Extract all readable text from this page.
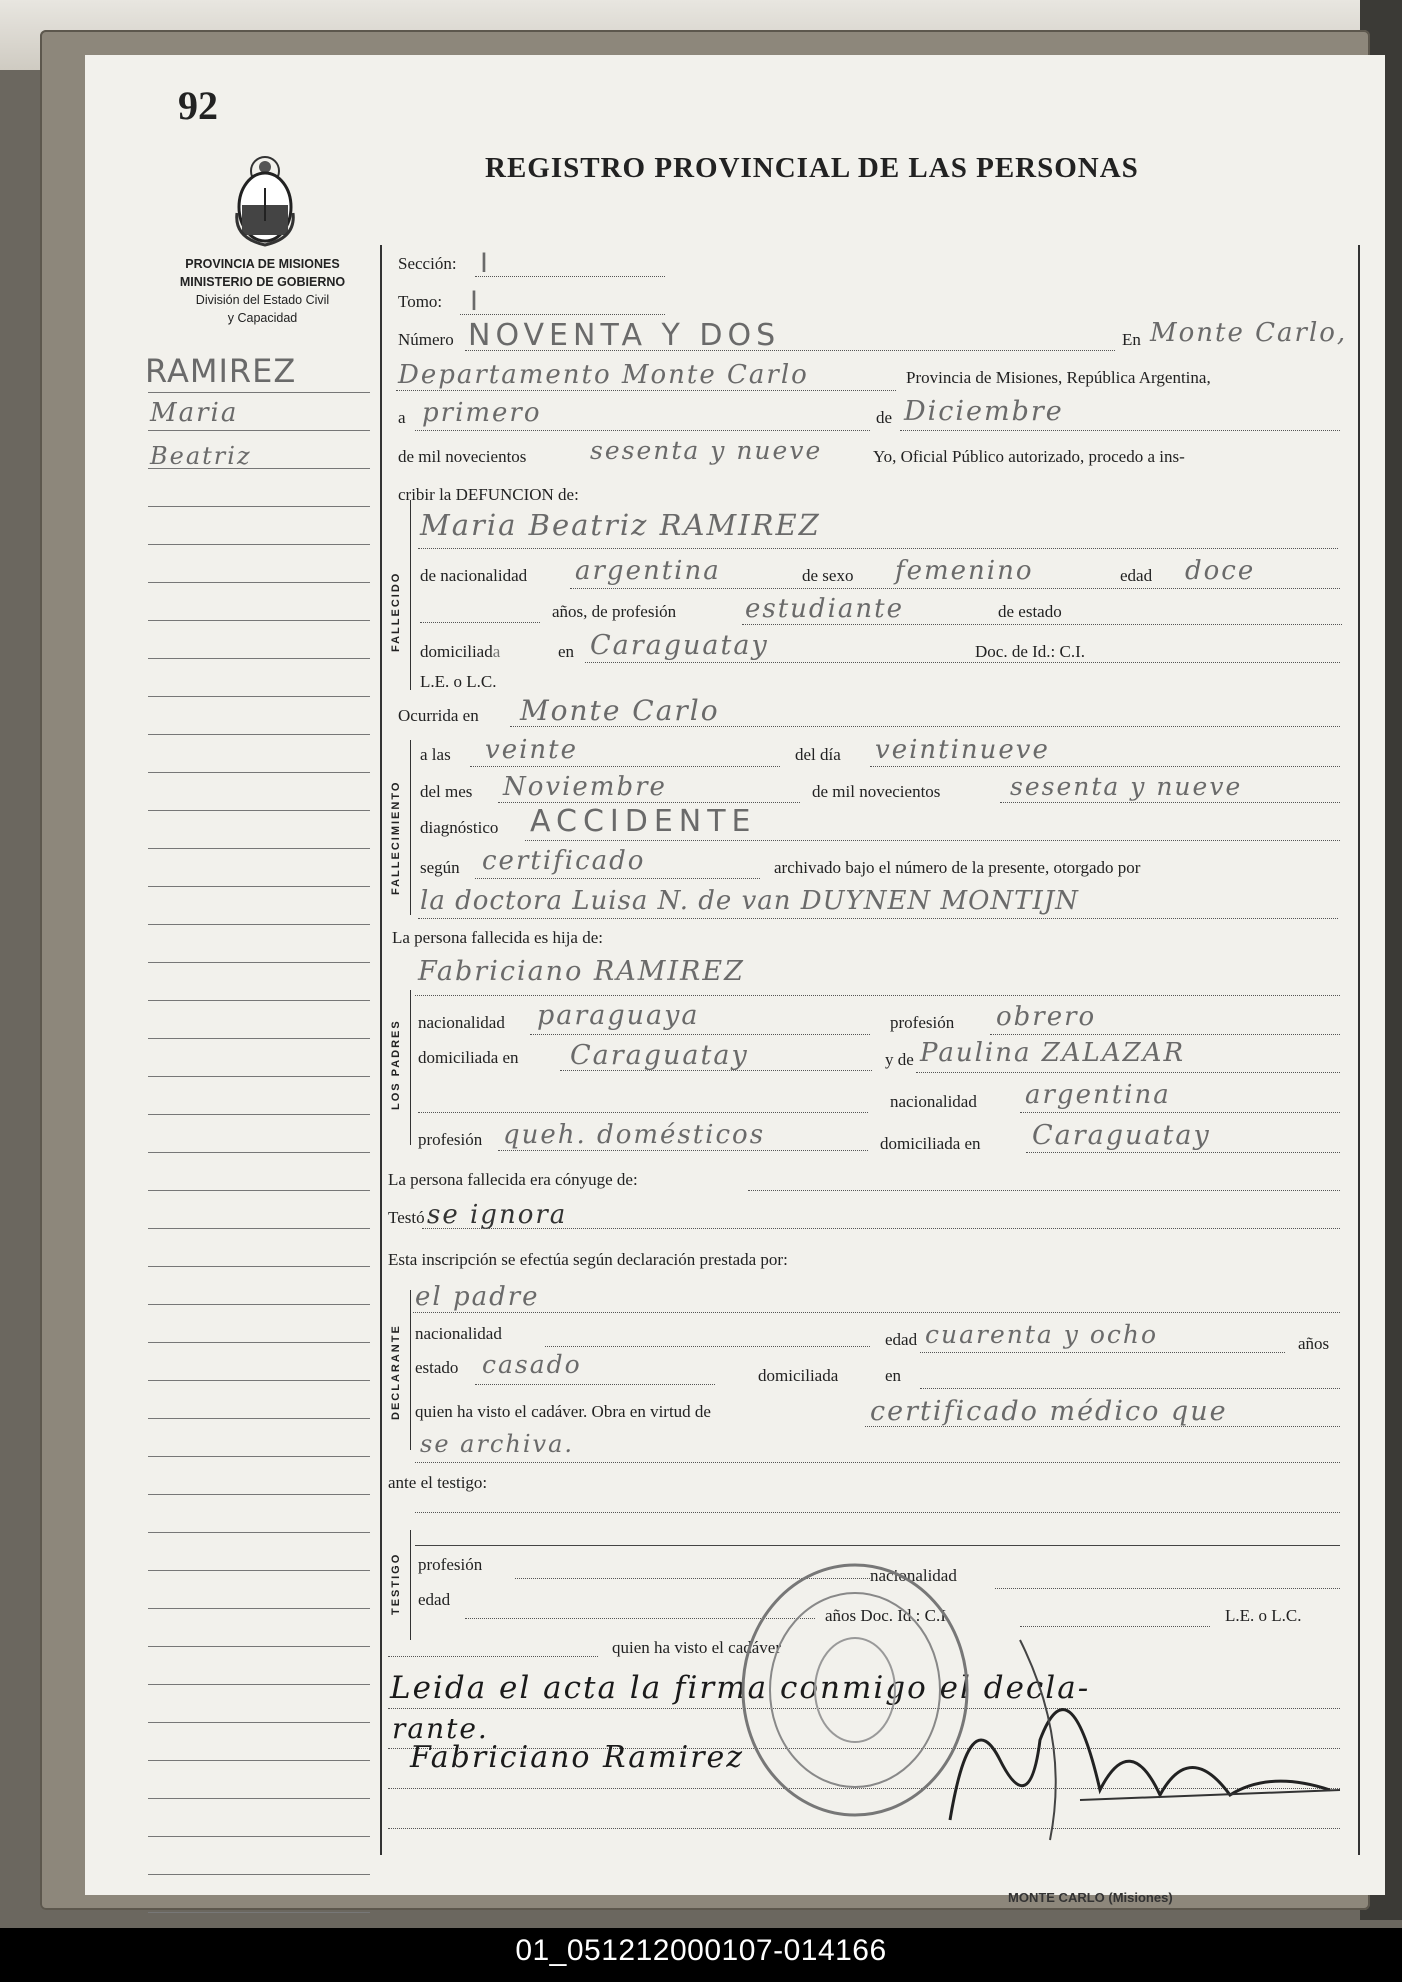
92
REGISTRO PROVINCIAL DE LAS PERSONAS
PROVINCIA DE MISIONES
MINISTERIO DE GOBIERNO
División del Estado Civil
y Capacidad
RAMIREZ
Maria
Beatriz
FALLECIDO
FALLECIMIENTO
LOS PADRES
DECLARANTE
TESTIGO
Sección: I
Tomo: I
Número NOVENTA Y DOS	En Monte Carlo,
Departamento Monte Carlo	Provincia de Misiones, República Argentina,
a primero	de Diciembre
de mil novecientos	sesenta y nueve	Yo, Oficial Público autorizado, procedo a ins-
cribir la DEFUNCION de:
Maria Beatriz RAMIREZ
de nacionalidad argentina	de sexo femenino	edad doce
años, de profesión	estudiante	de estado
domiciliada	en Caraguatay	Doc. de Id.: C.I.
L.E. o L.C.
Ocurrida en Monte Carlo
a las veinte	del día veintinueve
del mes Noviembre	de mil novecientos	sesenta y nueve
diagnóstico ACCIDENTE
según certificado	archivado bajo el número de la presente, otorgado por
la doctora Luisa N. de van DUYNEN MONTIJN
La persona fallecida es hija de:
Fabriciano RAMIREZ
nacionalidad paraguaya	profesión obrero
domiciliada en Caraguatay	y de Paulina ZALAZAR
nacionalidad argentina
profesión queh. domésticos	domiciliada en Caraguatay
La persona fallecida era cónyuge de:
Testó se ignora
Esta inscripción se efectúa según declaración prestada por:
el padre
nacionalidad	edad cuarenta y ocho	años
estado casado	domiciliada	en
quien ha visto el cadáver. Obra en virtud de	certificado médico que
se archiva.
ante el testigo:
profesión
nacionalidad
edad
años Doc. Id.: C.I.	L.E. o L.C.
quien ha visto el cadáver
Leida el acta la firma conmigo el decla-
rante.
Fabriciano Ramirez
MONTE CARLO (Misiones)
01_051212000107-014166
